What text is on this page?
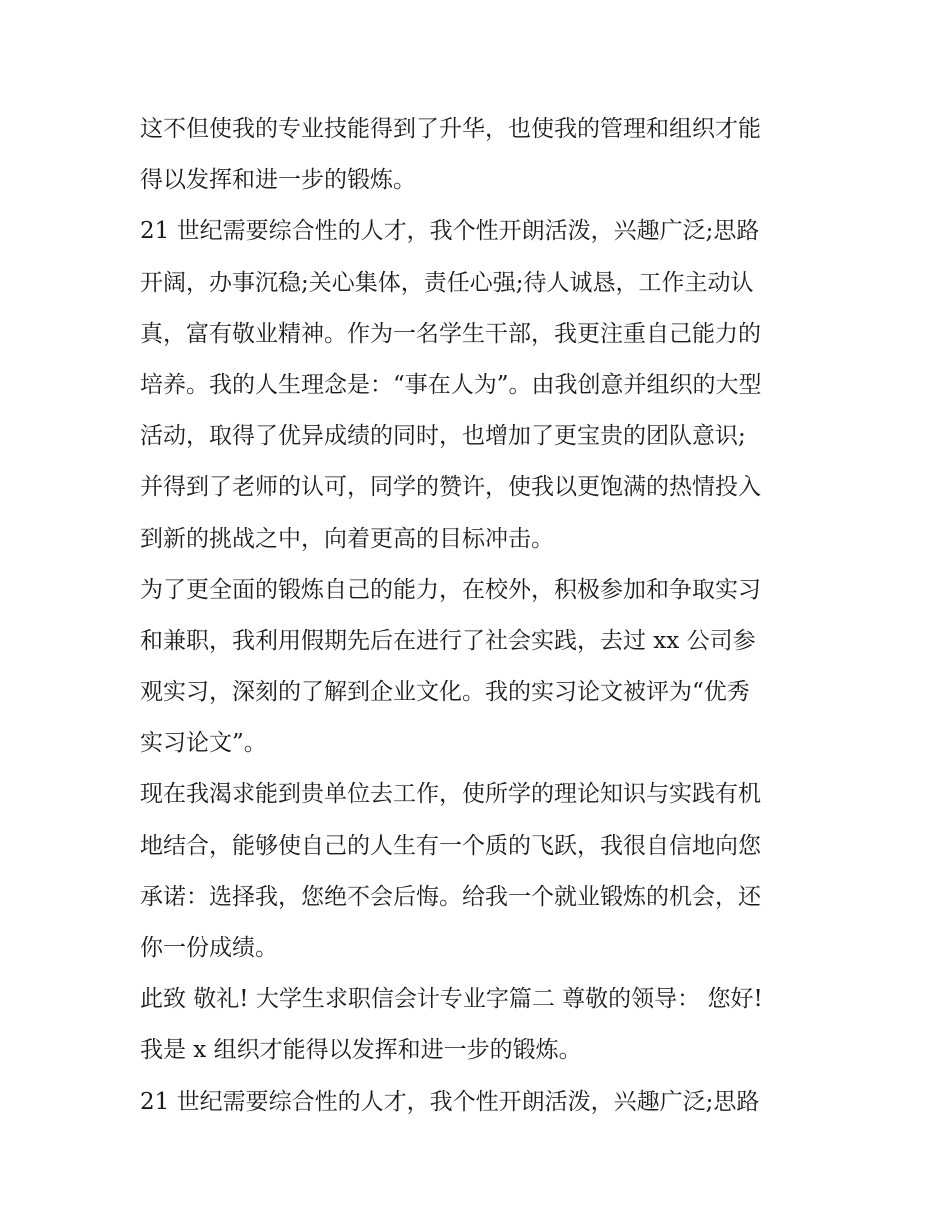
这不但使我的专业技能得到了升华，也使我的管理和组织才能
得以发挥和进一步的锻炼。
21 世纪需要综合性的人才，我个性开朗活泼，兴趣广泛;思路
开阔，办事沉稳;关心集体，责任心强;待人诚恳，工作主动认
真，富有敬业精神。作为一名学生干部，我更注重自己能力的
培养。我的人生理念是：“事在人为”。由我创意并组织的大型
活动，取得了优异成绩的同时，也增加了更宝贵的团队意识;
并得到了老师的认可，同学的赞许，使我以更饱满的热情投入
到新的挑战之中，向着更高的目标冲击。
为了更全面的锻炼自己的能力，在校外，积极参加和争取实习
和兼职，我利用假期先后在进行了社会实践，去过 xx 公司参
观实习，深刻的了解到企业文化。我的实习论文被评为“优秀
实习论文”。
现在我渴求能到贵单位去工作，使所学的理论知识与实践有机
地结合，能够使自己的人生有一个质的飞跃，我很自信地向您
承诺：选择我，您绝不会后悔。给我一个就业锻炼的机会，还
你一份成绩。
此致 敬礼! 大学生求职信会计专业字篇二 尊敬的领导： 您好!
我是 x 组织才能得以发挥和进一步的锻炼。
21 世纪需要综合性的人才，我个性开朗活泼，兴趣广泛;思路
